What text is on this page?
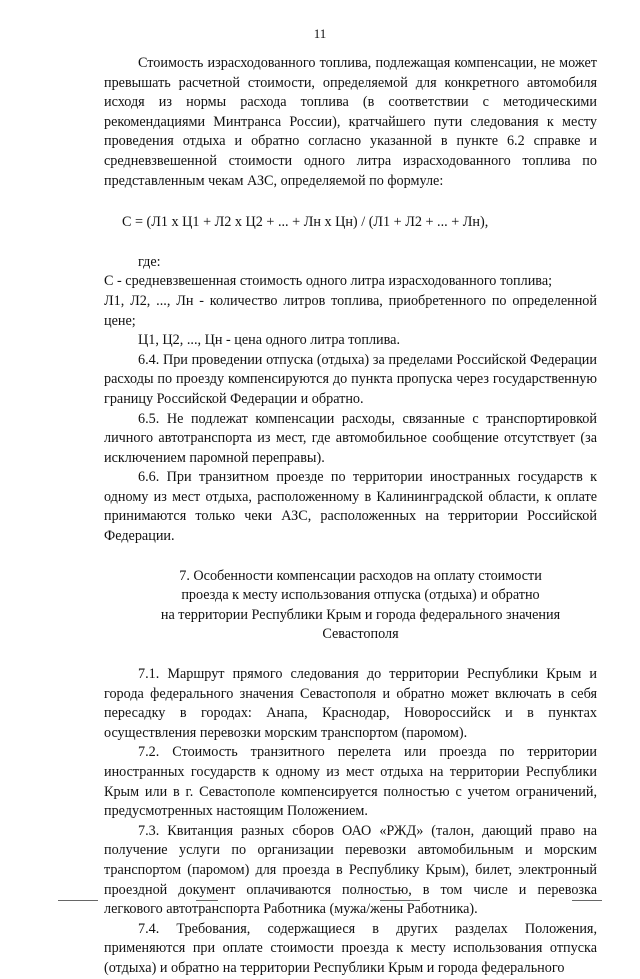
11

Стоимость израсходованного топлива, подлежащая компенсации, не может превышать расчетной стоимости, определяемой для конкретного автомобиля исходя из нормы расхода топлива (в соответствии с методическими рекомендациями Минтранса России), кратчайшего пути следования к месту проведения отдыха и обратно согласно указанной в пункте 6.2 справке и средневзвешенной стоимости одного литра израсходованного топлива по представленным чекам АЗС, определяемой по формуле:

С = (Л1 х Ц1 + Л2 х Ц2 + ... + Лн х Цн) / (Л1 + Л2 + ... + Лн),

где:

С - средневзвешенная стоимость одного литра израсходованного топлива;

Л1, Л2, ..., Лн - количество литров топлива, приобретенного по определенной цене;

Ц1, Ц2, ..., Цн - цена одного литра топлива.

6.4. При проведении отпуска (отдыха) за пределами Российской Федерации расходы по проезду компенсируются до пункта пропуска через государственную границу Российской Федерации и обратно.

6.5. Не подлежат компенсации расходы, связанные с транспортировкой личного автотранспорта из мест, где автомобильное сообщение отсутствует (за исключением паромной переправы).

6.6. При транзитном проезде по территории иностранных государств к одному из мест отдыха, расположенному в Калининградской области, к оплате принимаются только чеки АЗС, расположенных на территории Российской Федерации.

7. Особенности компенсации расходов на оплату стоимости
проезда к месту использования отпуска (отдыха) и обратно
на территории Республики Крым и города федерального значения
Севастополя

7.1. Маршрут прямого следования до территории Республики Крым и города федерального значения Севастополя и обратно может включать в себя пересадку в городах: Анапа, Краснодар, Новороссийск и в пунктах осуществления перевозки морским транспортом (паромом).

7.2. Стоимость транзитного перелета или проезда по территории иностранных государств к одному из мест отдыха на территории Республики Крым или в г. Севастополе компенсируется полностью с учетом ограничений, предусмотренных настоящим Положением.

7.3. Квитанция разных сборов ОАО «РЖД» (талон, дающий право на получение услуги по организации перевозки автомобильным и морским транспортом (паромом) для проезда в Республику Крым), билет, электронный проездной документ оплачиваются полностью, в том числе и перевозка легкового автотранспорта Работника (мужа/жены Работника).

7.4. Требования, содержащиеся в других разделах Положения, применяются при оплате стоимости проезда к месту использования отпуска (отдыха) и обратно на территории Республики Крым и города федерального
